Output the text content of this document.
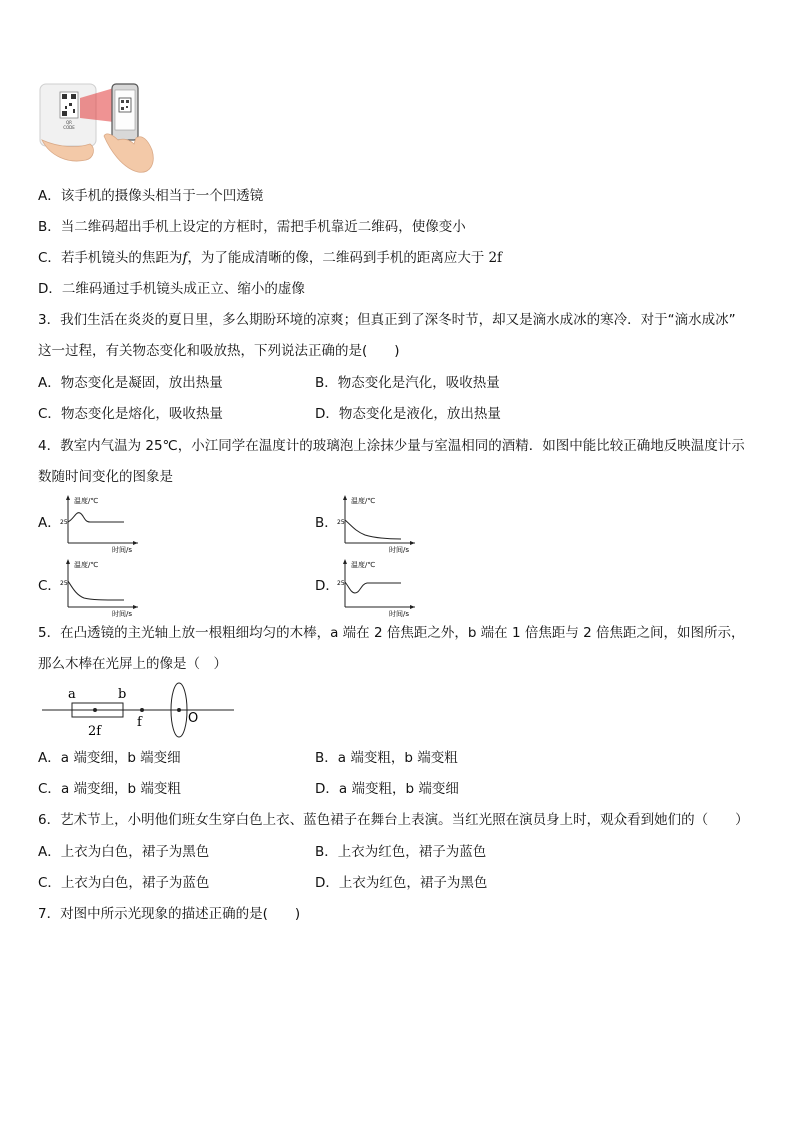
QR
CODE
A．该手机的摄像头相当于一个凹透镜
B．当二维码超出手机上设定的方框时，需把手机靠近二维码，使像变小
C．若手机镜头的焦距为f，为了能成清晰的像，二维码到手机的距离应大于 2f
D．二维码通过手机镜头成正立、缩小的虚像
3．我们生活在炎炎的夏日里，多么期盼环境的凉爽；但真正到了深冬时节，却又是滴水成冰的寒冷．对于“滴水成冰”
这一过程，有关物态变化和吸放热，下列说法正确的是(　　)
A．物态变化是凝固，放出热量	B．物态变化是汽化，吸收热量
C．物态变化是熔化，吸收热量	D．物态变化是液化，放出热量
4．教室内气温为 25℃，小江同学在温度计的玻璃泡上涂抹少量与室温相同的酒精．如图中能比较正确地反映温度计示
数随时间变化的图象是
A．	B．
C．	D．
温度/℃
25
时间/s
温度/℃
25
时间/s
温度/℃
25
时间/s
温度/℃
25
时间/s
5．在凸透镜的主光轴上放一根粗细均匀的木棒，a 端在 2 倍焦距之外，b 端在 1 倍焦距与 2 倍焦距之间，如图所示，
那么木棒在光屏上的像是（　）
a	b
2f
f	O
A．a 端变细，b 端变细	B．a 端变粗，b 端变粗
C．a 端变细，b 端变粗	D．a 端变粗，b 端变细
6．艺术节上，小明他们班女生穿白色上衣、蓝色裙子在舞台上表演。当红光照在演员身上时，观众看到她们的（　　）
A．上衣为白色，裙子为黑色	B．上衣为红色，裙子为蓝色
C．上衣为白色，裙子为蓝色	D．上衣为红色，裙子为黑色
7．对图中所示光现象的描述正确的是(　　)
